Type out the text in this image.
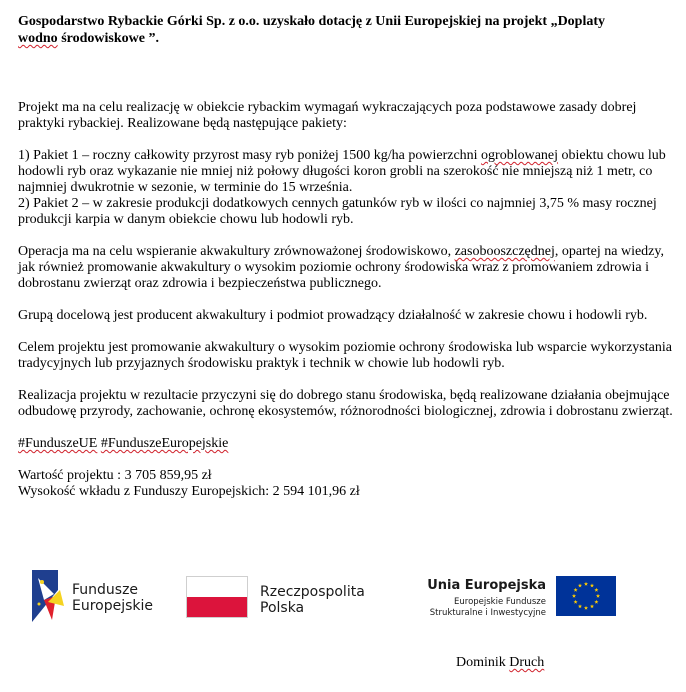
Gospodarstwo Rybackie Górki Sp. z o.o. uzyskało dotację z Unii Europejskiej na projekt „Doplaty
wodno środowiskowe ”.

Projekt ma na celu realizację w obiekcie rybackim wymagań wykraczających poza podstawowe zasady dobrej praktyki rybackiej. Realizowane będą następujące pakiety:

1) Pakiet 1 – roczny całkowity przyrost masy ryb poniżej 1500 kg/ha powierzchni ogroblowanej obiektu chowu lub hodowli ryb oraz wykazanie nie mniej niż połowy długości koron grobli na szerokość nie mniejszą niż 1 metr, co najmniej dwukrotnie w sezonie, w terminie do 15 września.

2) Pakiet 2 – w zakresie produkcji dodatkowych cennych gatunków ryb w ilości co najmniej 3,75 % masy rocznej produkcji karpia w danym obiekcie chowu lub hodowli ryb.

Operacja ma na celu wspieranie akwakultury zrównoważonej środowiskowo, zasobooszczędnej, opartej na wiedzy, jak również promowanie akwakultury o wysokim poziomie ochrony środowiska wraz z promowaniem zdrowia i dobrostanu zwierząt oraz zdrowia i bezpieczeństwa publicznego.

Grupą docelową jest producent akwakultury i podmiot prowadzący działalność w zakresie chowu i hodowli ryb.

Celem projektu jest promowanie akwakultury o wysokim poziomie ochrony środowiska lub wsparcie wykorzystania tradycyjnych lub przyjaznych środowisku praktyk i technik w chowie lub hodowli ryb.

Realizacja projektu w rezultacie przyczyni się do dobrego stanu środowiska, będą realizowane działania obejmujące odbudowę przyrody, zachowanie, ochronę ekosystemów, różnorodności biologicznej, zdrowia i dobrostanu zwierząt.

#FunduszeUE #FunduszeEuropejskie

Wartość projektu : 3 705 859,95 zł

Wysokość wkładu z Funduszy Europejskich: 2 594 101,96 zł

Fundusze
Europejskie
Rzeczpospolita
Polska
Unia Europejska
Europejskie Fundusze
Strukturalne i Inwestycyjne
Dominik Druch
